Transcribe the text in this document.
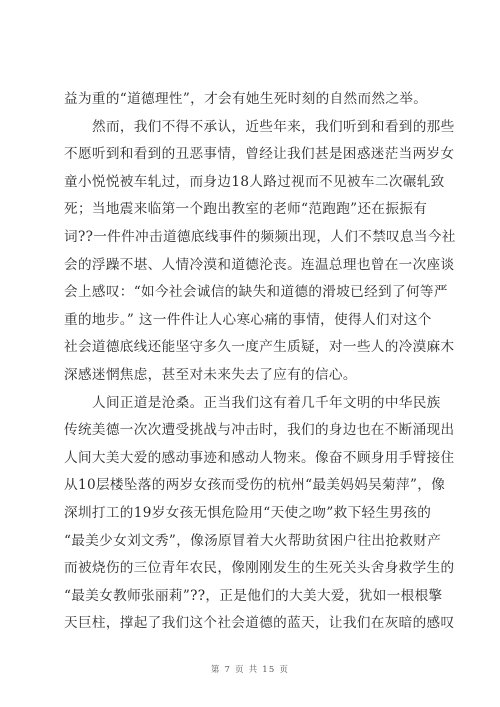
益为重的“道德理性”，才会有她生死时刻的自然而然之举。
然而，我们不得不承认，近些年来，我们听到和看到的那些
不愿听到和看到的丑恶事情，曾经让我们甚是困惑迷茫当两岁女
童小悦悦被车轧过，而身边18人路过视而不见被车二次碾轧致
死；当地震来临第一个跑出教室的老师“范跑跑”还在振振有
词??一件件冲击道德底线事件的频频出现，人们不禁叹息当今社
会的浮躁不堪、人情冷漠和道德沦丧。连温总理也曾在一次座谈
会上感叹：“如今社会诚信的缺失和道德的滑坡已经到了何等严
重的地步。” 这一件件让人心寒心痛的事情，使得人们对这个
社会道德底线还能坚守多久一度产生质疑，对一些人的冷漠麻木
深感迷惘焦虑，甚至对未来失去了应有的信心。
人间正道是沧桑。正当我们这有着几千年文明的中华民族
传统美德一次次遭受挑战与冲击时，我们的身边也在不断涌现出
人间大美大爱的感动事迹和感动人物来。像奋不顾身用手臂接住
从10层楼坠落的两岁女孩而受伤的杭州“最美妈妈吴菊萍”，像
深圳打工的19岁女孩无惧危险用“天使之吻”救下轻生男孩的
“最美少女刘文秀”，像汤原冒着大火帮助贫困户往出抢救财产
而被烧伤的三位青年农民，像刚刚发生的生死关头舍身救学生的
“最美女教师张丽莉”??，正是他们的大美大爱，犹如一根根擎
天巨柱，撑起了我们这个社会道德的蓝天，让我们在灰暗的感叹
第 7 页 共 15 页
